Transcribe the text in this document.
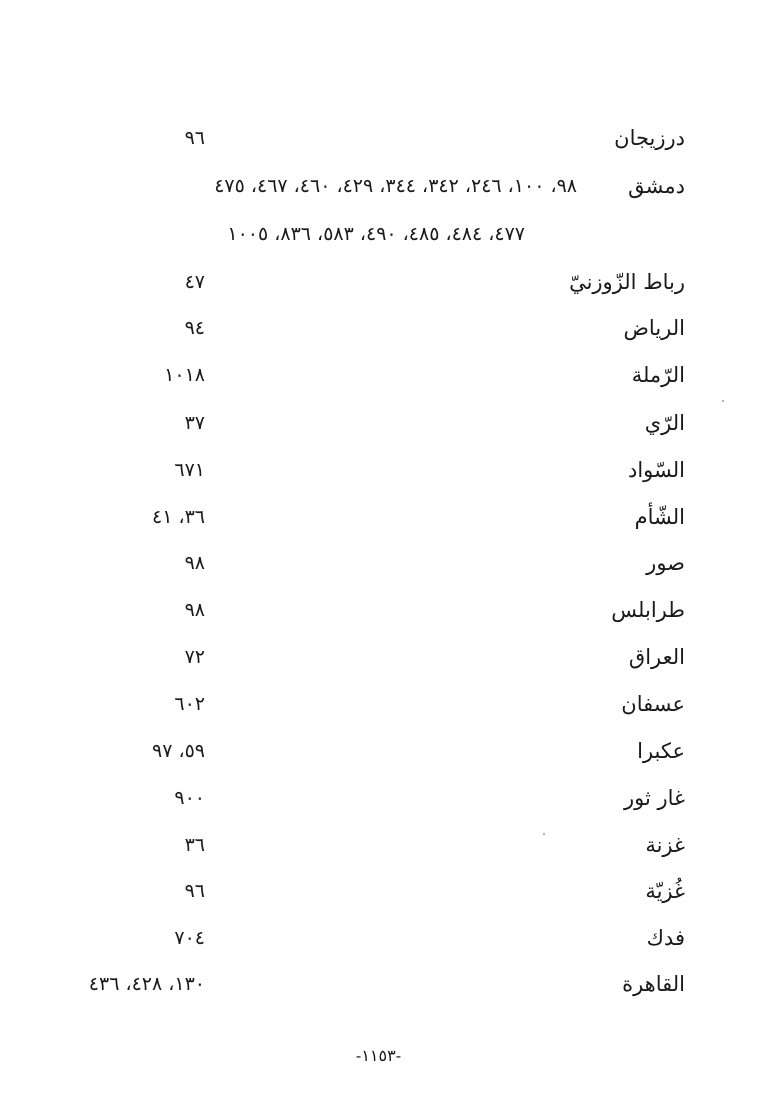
درزيجان
٩٦
دمشق
٩٨، ١٠٠، ٢٤٦، ٣٤٢، ٣٤٤، ٤٢٩، ٤٦٠، ٤٦٧، ٤٧٥
٤٧٧، ٤٨٤، ٤٨٥، ٤٩٠، ٥٨٣، ٨٣٦، ١٠٠٥
رباط الزّوزنيّ
٤٧
الرياض
٩٤
الرّملة
١٠١٨
الرّي
٣٧
السّواد
٦٧١
الشّأم
٣٦، ٤١
صور
٩٨
طرابلس
٩٨
العراق
٧٢
عسفان
٦٠٢
عكبرا
٥٩، ٩٧
غار ثور
٩٠٠
غزنة
٣٦
غُزيّة
٩٦
فدك
٧٠٤
القاهرة
١٣٠، ٤٢٨، ٤٣٦
-١١٥٣-
